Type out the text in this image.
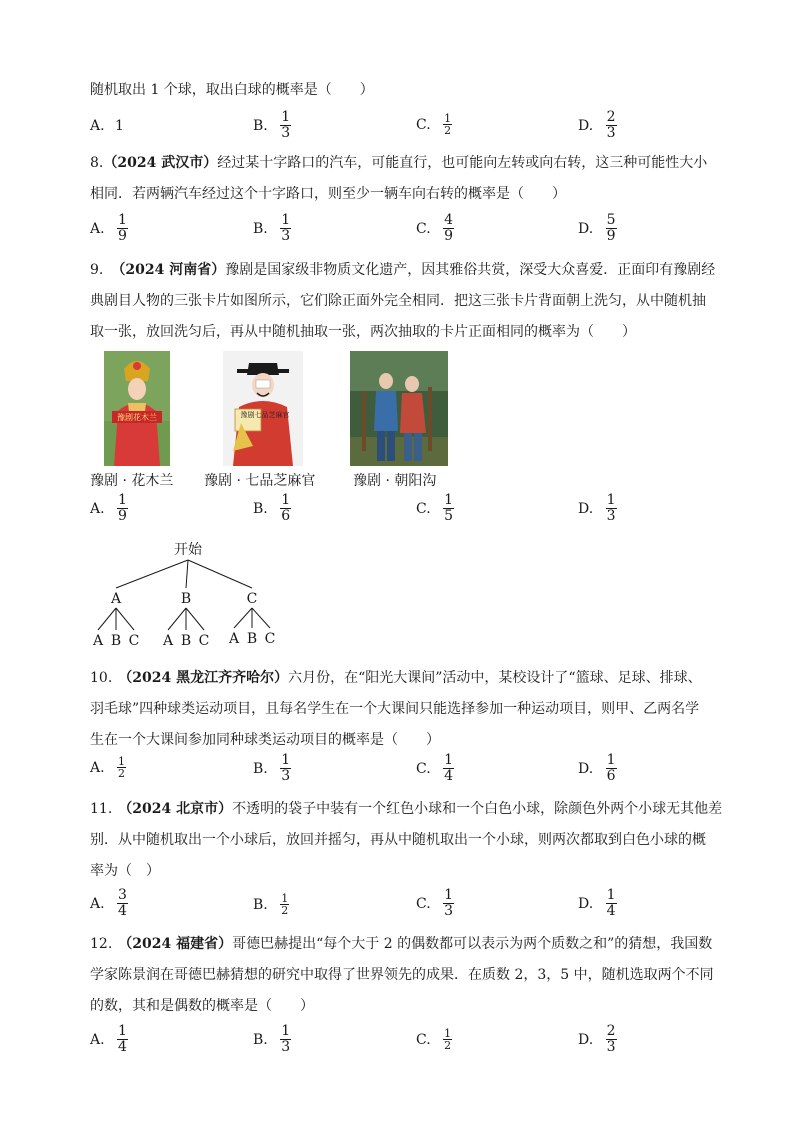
随机取出 1 个球，取出白球的概率是（　　）
A. 1	B. $\frac{1}{3}$	C. $\frac{1}{2}$	D. $\frac{2}{3}$
8.（2024 武汉市）经过某十字路口的汽车，可能直行，也可能向左转或向右转，这三种可能性大小
相同．若两辆汽车经过这个十字路口，则至少一辆车向右转的概率是（　　）
A. $\frac{1}{9}$	B. $\frac{1}{3}$	C. $\frac{4}{9}$	D. $\frac{5}{9}$
9. （2024 河南省）豫剧是国家级非物质文化遗产，因其雅俗共赏，深受大众喜爱．正面印有豫剧经
典剧目人物的三张卡片如图所示，它们除正面外完全相同．把这三张卡片背面朝上洗匀，从中随机抽
取一张，放回洗匀后，再从中随机抽取一张，两次抽取的卡片正面相同的概率为（　　）
豫剧花木兰
豫剧 · 花木兰
豫剧七品芝麻官
豫剧 · 七品芝麻官	豫剧 · 朝阳沟
A. $\frac{1}{9}$	B. $\frac{1}{6}$	C. $\frac{1}{5}$	D. $\frac{1}{3}$
开始
A	B	C
A B C A B C A B C
10. （2024 黑龙江齐齐哈尔）六月份，在“阳光大课间”活动中，某校设计了“篮球、足球、排球、
羽毛球”四种球类运动项目，且每名学生在一个大课间只能选择参加一种运动项目，则甲、乙两名学
生在一个大课间参加同种球类运动项目的概率是（　　）
A. $\frac{1}{2}$	B. $\frac{1}{3}$	C. $\frac{1}{4}$	D. $\frac{1}{6}$
11. （2024 北京市）不透明的袋子中装有一个红色小球和一个白色小球，除颜色外两个小球无其他差
别．从中随机取出一个小球后，放回并摇匀，再从中随机取出一个小球，则两次都取到白色小球的概
率为（　）
A. $\frac{3}{4}$	B. $\frac{1}{2}$	C. $\frac{1}{3}$	D. $\frac{1}{4}$
12. （2024 福建省）哥德巴赫提出“每个大于 2 的偶数都可以表示为两个质数之和”的猜想，我国数
学家陈景润在哥德巴赫猜想的研究中取得了世界领先的成果．在质数 2，3，5 中，随机选取两个不同
的数，其和是偶数的概率是（　　）
A. $\frac{1}{4}$	B. $\frac{1}{3}$	C. $\frac{1}{2}$	D. $\frac{2}{3}$
